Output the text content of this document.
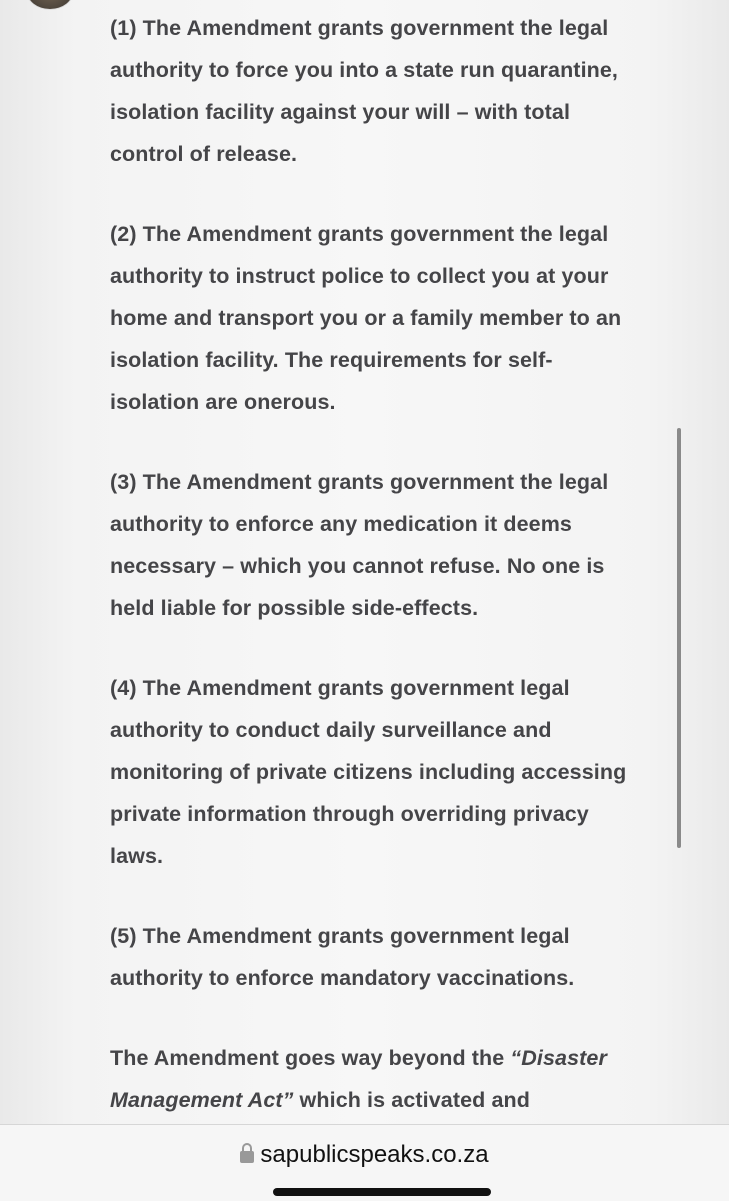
(1) The Amendment grants government the legal
authority to force you into a state run quarantine,
isolation facility against your will – with total
control of release.
(2) The Amendment grants government the legal
authority to instruct police to collect you at your
home and transport you or a family member to an
isolation facility. The requirements for self-
isolation are onerous.
(3) The Amendment grants government the legal
authority to enforce any medication it deems
necessary – which you cannot refuse. No one is
held liable for possible side-effects.
(4) The Amendment grants government legal
authority to conduct daily surveillance and
monitoring of private citizens including accessing
private information through overriding privacy
laws.
(5) The Amendment grants government legal
authority to enforce mandatory vaccinations.
The Amendment goes way beyond the “Disaster
Management Act” which is activated and
sapublicspeaks.co.za
